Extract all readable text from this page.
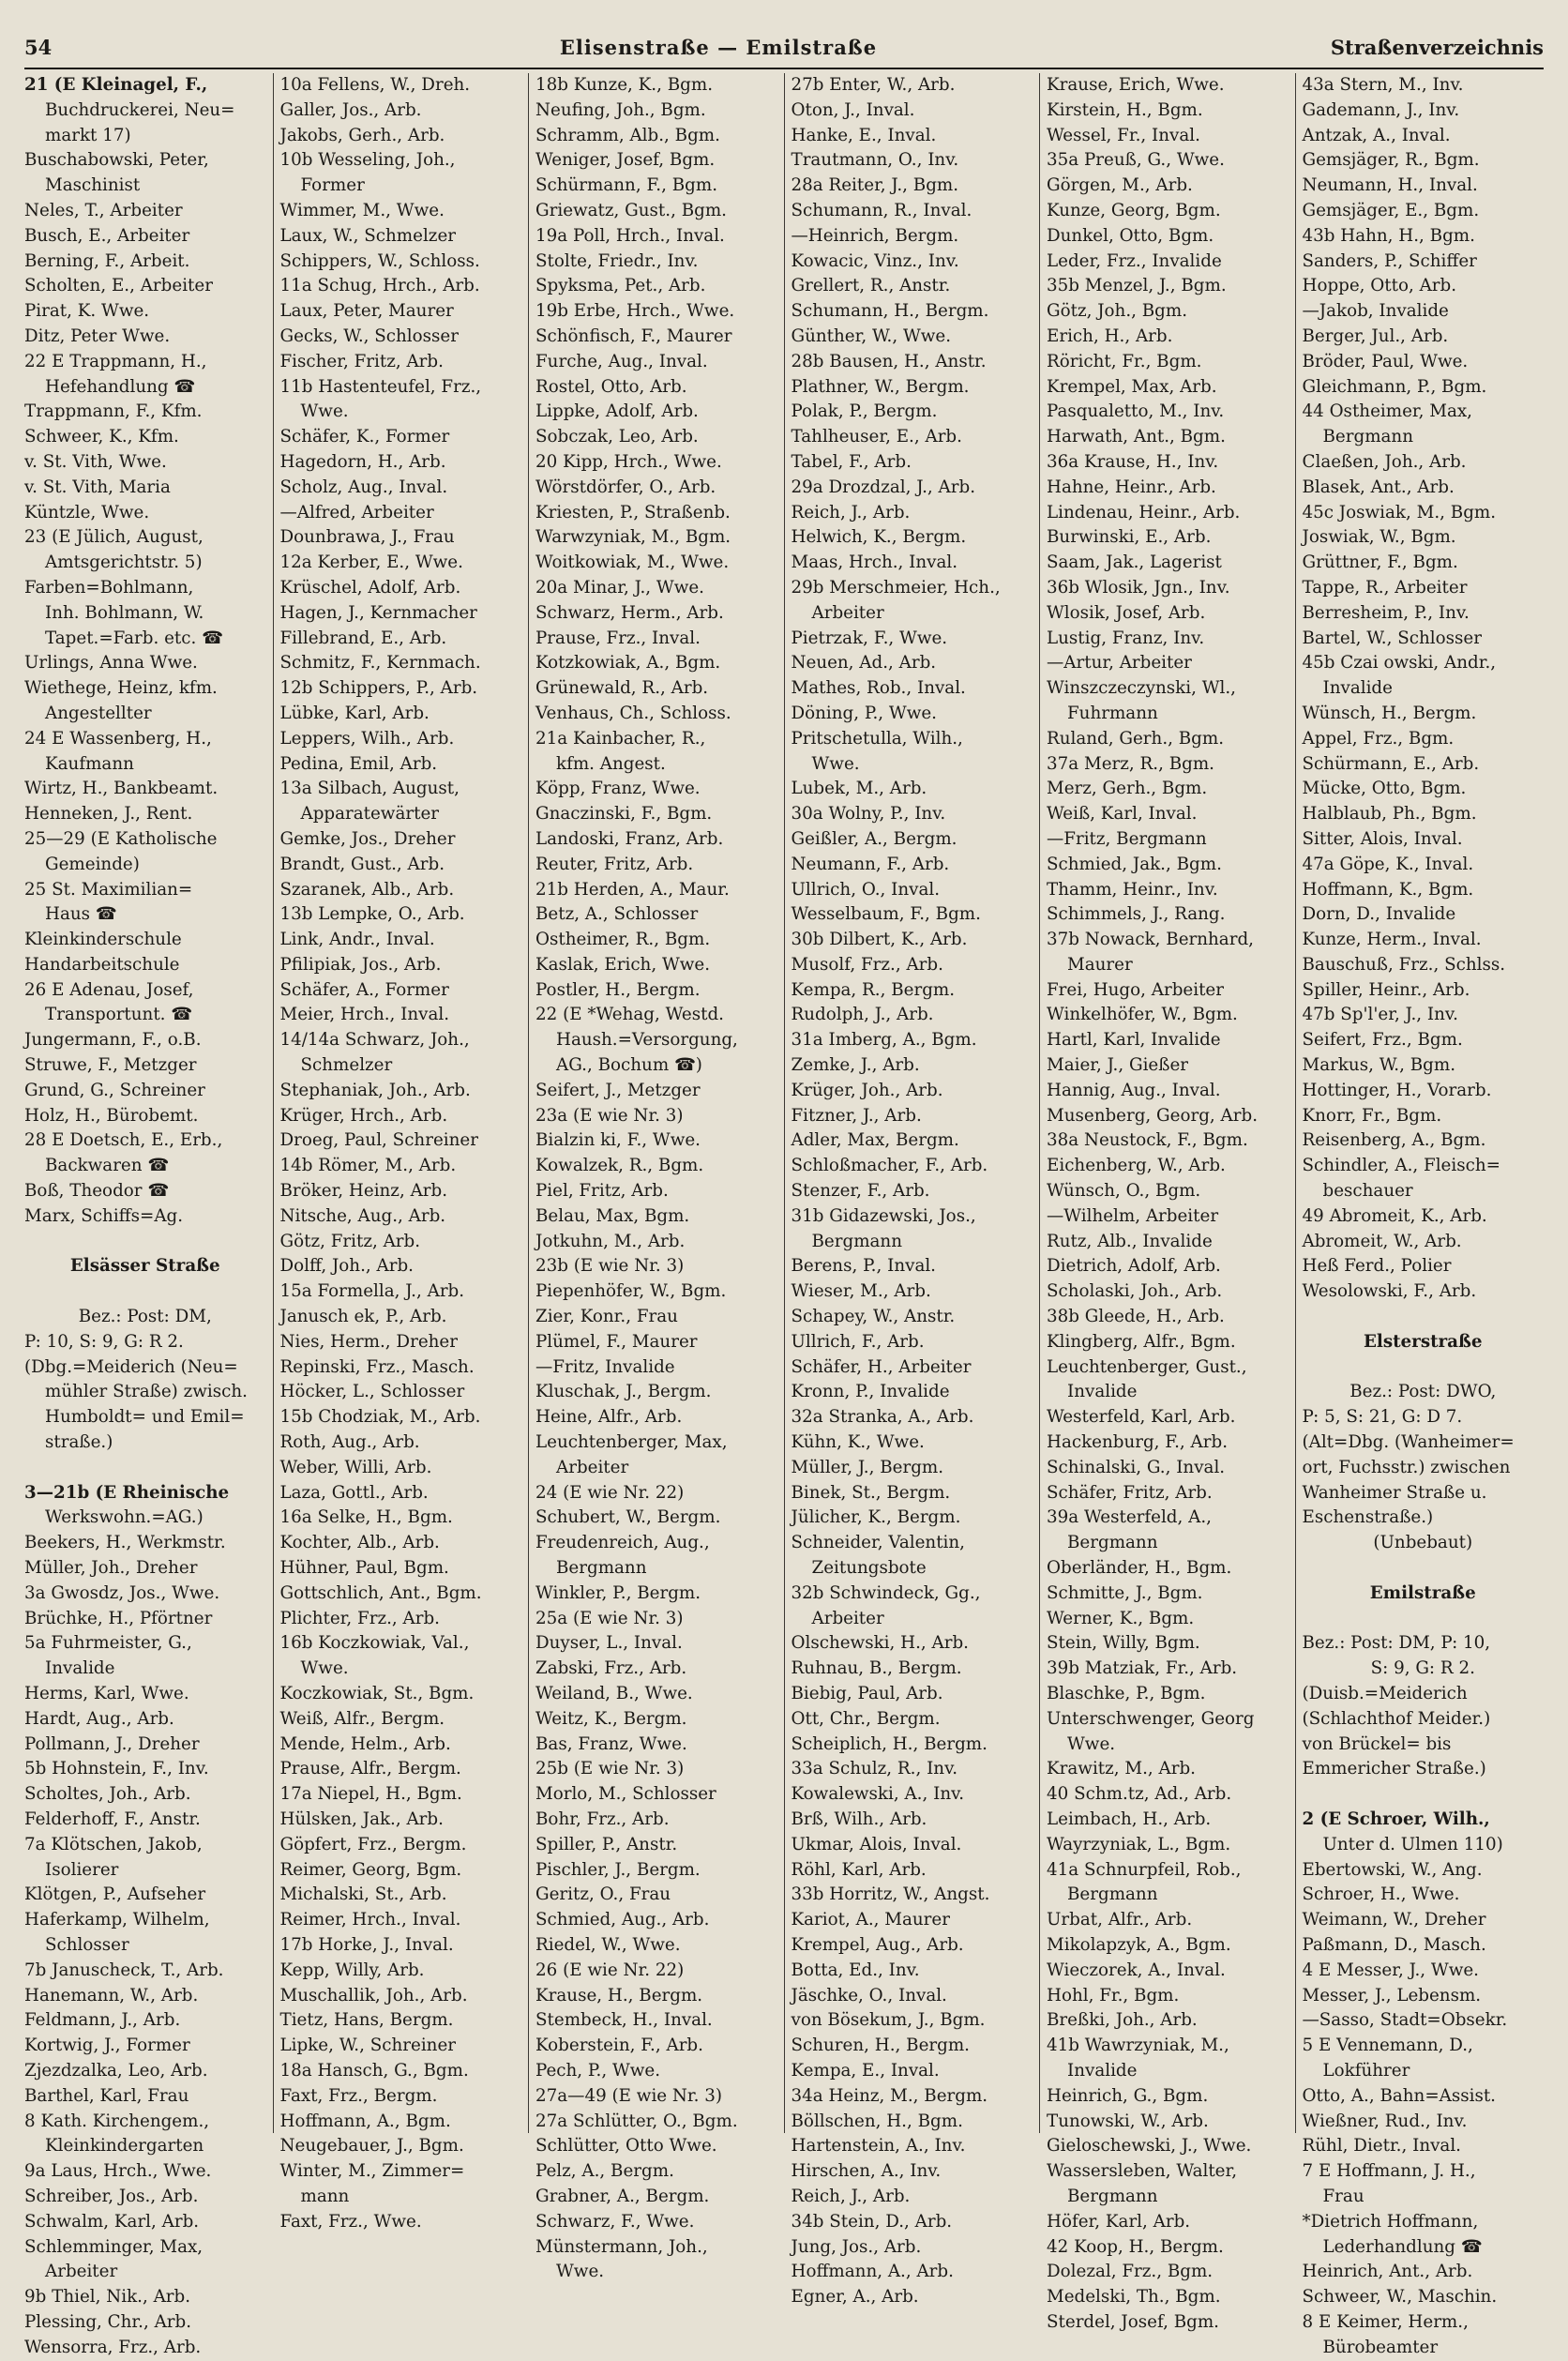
54	Elisenstraße — Emilstraße	Straßenverzeichnis
21 (E Kleinagel, F.,
Buchdruckerei, Neu=
markt 17)
Buschabowski, Peter,
Maschinist
Neles, T., Arbeiter
Busch, E., Arbeiter
Berning, F., Arbeit.
Scholten, E., Arbeiter
Pirat, K. Wwe.
Ditz, Peter Wwe.
22 E Trappmann, H.,
Hefehandlung ☎
Trappmann, F., Kfm.
Schweer, K., Kfm.
v. St. Vith, Wwe.
v. St. Vith, Maria
Küntzle, Wwe.
23 (E Jülich, August,
Amtsgerichtstr. 5)
Farben=Bohlmann,
Inh. Bohlmann, W.
Tapet.=Farb. etc. ☎
Urlings, Anna Wwe.
Wiethege, Heinz, kfm.
Angestellter
24 E Wassenberg, H.,
Kaufmann
Wirtz, H., Bankbeamt.
Henneken, J., Rent.
25—29 (E Katholische
Gemeinde)
25 St. Maximilian=
Haus ☎
Kleinkinderschule
Handarbeitschule
26 E Adenau, Josef,
Transportunt. ☎
Jungermann, F., o.B.
Struwe, F., Metzger
Grund, G., Schreiner
Holz, H., Bürobemt.
28 E Doetsch, E., Erb.,
Backwaren ☎
Boß, Theodor ☎
Marx, Schiffs=Ag.
Elsässer Straße
Bez.: Post: DM,
P: 10, S: 9, G: R 2.
(Dbg.=Meiderich (Neu=
mühler Straße) zwisch.
Humboldt= und Emil=
straße.)
3—21b (E Rheinische
Werkswohn.=AG.)
Beekers, H., Werkmstr.
Müller, Joh., Dreher
3a Gwosdz, Jos., Wwe.
Brüchke, H., Pförtner
5a Fuhrmeister, G.,
Invalide
Herms, Karl, Wwe.
Hardt, Aug., Arb.
Pollmann, J., Dreher
5b Hohnstein, F., Inv.
Scholtes, Joh., Arb.
Felderhoff, F., Anstr.
7a Klötschen, Jakob,
Isolierer
Klötgen, P., Aufseher
Haferkamp, Wilhelm,
Schlosser
7b Januscheck, T., Arb.
Hanemann, W., Arb.
Feldmann, J., Arb.
Kortwig, J., Former
Zjezdzalka, Leo, Arb.
Barthel, Karl, Frau
8 Kath. Kirchengem.,
Kleinkindergarten
9a Laus, Hrch., Wwe.
Schreiber, Jos., Arb.
Schwalm, Karl, Arb.
Schlemminger, Max,
Arbeiter
9b Thiel, Nik., Arb.
Plessing, Chr., Arb.
Wensorra, Frz., Arb.
10a Fellens, W., Dreh.
Galler, Jos., Arb.
Jakobs, Gerh., Arb.
10b Wesseling, Joh.,
Former
Wimmer, M., Wwe.
Laux, W., Schmelzer
Schippers, W., Schloss.
11a Schug, Hrch., Arb.
Laux, Peter, Maurer
Gecks, W., Schlosser
Fischer, Fritz, Arb.
11b Hastenteufel, Frz.,
Wwe.
Schäfer, K., Former
Hagedorn, H., Arb.
Scholz, Aug., Inval.
—Alfred, Arbeiter
Dounbrawa, J., Frau
12a Kerber, E., Wwe.
Krüschel, Adolf, Arb.
Hagen, J., Kernmacher
Fillebrand, E., Arb.
Schmitz, F., Kernmach.
12b Schippers, P., Arb.
Lübke, Karl, Arb.
Leppers, Wilh., Arb.
Pedina, Emil, Arb.
13a Silbach, August,
Apparatewärter
Gemke, Jos., Dreher
Brandt, Gust., Arb.
Szaranek, Alb., Arb.
13b Lempke, O., Arb.
Link, Andr., Inval.
Pfilipiak, Jos., Arb.
Schäfer, A., Former
Meier, Hrch., Inval.
14/14a Schwarz, Joh.,
Schmelzer
Stephaniak, Joh., Arb.
Krüger, Hrch., Arb.
Droeg, Paul, Schreiner
14b Römer, M., Arb.
Bröker, Heinz, Arb.
Nitsche, Aug., Arb.
Götz, Fritz, Arb.
Dolff, Joh., Arb.
15a Formella, J., Arb.
Janusch ek, P., Arb.
Nies, Herm., Dreher
Repinski, Frz., Masch.
Höcker, L., Schlosser
15b Chodziak, M., Arb.
Roth, Aug., Arb.
Weber, Willi, Arb.
Laza, Gottl., Arb.
16a Selke, H., Bgm.
Kochter, Alb., Arb.
Hühner, Paul, Bgm.
Gottschlich, Ant., Bgm.
Plichter, Frz., Arb.
16b Koczkowiak, Val.,
Wwe.
Koczkowiak, St., Bgm.
Weiß, Alfr., Bergm.
Mende, Helm., Arb.
Prause, Alfr., Bergm.
17a Niepel, H., Bgm.
Hülsken, Jak., Arb.
Göpfert, Frz., Bergm.
Reimer, Georg, Bgm.
Michalski, St., Arb.
Reimer, Hrch., Inval.
17b Horke, J., Inval.
Kepp, Willy, Arb.
Muschallik, Joh., Arb.
Tietz, Hans, Bergm.
Lipke, W., Schreiner
18a Hansch, G., Bgm.
Faxt, Frz., Bergm.
Hoffmann, A., Bgm.
Neugebauer, J., Bgm.
Winter, M., Zimmer=
mann
Faxt, Frz., Wwe.
18b Kunze, K., Bgm.
Neufing, Joh., Bgm.
Schramm, Alb., Bgm.
Weniger, Josef, Bgm.
Schürmann, F., Bgm.
Griewatz, Gust., Bgm.
19a Poll, Hrch., Inval.
Stolte, Friedr., Inv.
Spyksma, Pet., Arb.
19b Erbe, Hrch., Wwe.
Schönfisch, F., Maurer
Furche, Aug., Inval.
Rostel, Otto, Arb.
Lippke, Adolf, Arb.
Sobczak, Leo, Arb.
20 Kipp, Hrch., Wwe.
Wörstdörfer, O., Arb.
Kriesten, P., Straßenb.
Warwzyniak, M., Bgm.
Woitkowiak, M., Wwe.
20a Minar, J., Wwe.
Schwarz, Herm., Arb.
Prause, Frz., Inval.
Kotzkowiak, A., Bgm.
Grünewald, R., Arb.
Venhaus, Ch., Schloss.
21a Kainbacher, R.,
kfm. Angest.
Köpp, Franz, Wwe.
Gnaczinski, F., Bgm.
Landoski, Franz, Arb.
Reuter, Fritz, Arb.
21b Herden, A., Maur.
Betz, A., Schlosser
Ostheimer, R., Bgm.
Kaslak, Erich, Wwe.
Postler, H., Bergm.
22 (E *Wehag, Westd.
Haush.=Versorgung,
AG., Bochum ☎)
Seifert, J., Metzger
23a (E wie Nr. 3)
Bialzin ki, F., Wwe.
Kowalzek, R., Bgm.
Piel, Fritz, Arb.
Belau, Max, Bgm.
Jotkuhn, M., Arb.
23b (E wie Nr. 3)
Piepenhöfer, W., Bgm.
Zier, Konr., Frau
Plümel, F., Maurer
—Fritz, Invalide
Kluschak, J., Bergm.
Heine, Alfr., Arb.
Leuchtenberger, Max,
Arbeiter
24 (E wie Nr. 22)
Schubert, W., Bergm.
Freudenreich, Aug.,
Bergmann
Winkler, P., Bergm.
25a (E wie Nr. 3)
Duyser, L., Inval.
Zabski, Frz., Arb.
Weiland, B., Wwe.
Weitz, K., Bergm.
Bas, Franz, Wwe.
25b (E wie Nr. 3)
Morlo, M., Schlosser
Bohr, Frz., Arb.
Spiller, P., Anstr.
Pischler, J., Bergm.
Geritz, O., Frau
Schmied, Aug., Arb.
Riedel, W., Wwe.
26 (E wie Nr. 22)
Krause, H., Bergm.
Stembeck, H., Inval.
Koberstein, F., Arb.
Pech, P., Wwe.
27a—49 (E wie Nr. 3)
27a Schlütter, O., Bgm.
Schlütter, Otto Wwe.
Pelz, A., Bergm.
Grabner, A., Bergm.
Schwarz, F., Wwe.
Münstermann, Joh.,
Wwe.
27b Enter, W., Arb.
Oton, J., Inval.
Hanke, E., Inval.
Trautmann, O., Inv.
28a Reiter, J., Bgm.
Schumann, R., Inval.
—Heinrich, Bergm.
Kowacic, Vinz., Inv.
Grellert, R., Anstr.
Schumann, H., Bergm.
Günther, W., Wwe.
28b Bausen, H., Anstr.
Plathner, W., Bergm.
Polak, P., Bergm.
Tahlheuser, E., Arb.
Tabel, F., Arb.
29a Drozdzal, J., Arb.
Reich, J., Arb.
Helwich, K., Bergm.
Maas, Hrch., Inval.
29b Merschmeier, Hch.,
Arbeiter
Pietrzak, F., Wwe.
Neuen, Ad., Arb.
Mathes, Rob., Inval.
Döning, P., Wwe.
Pritschetulla, Wilh.,
Wwe.
Lubek, M., Arb.
30a Wolny, P., Inv.
Geißler, A., Bergm.
Neumann, F., Arb.
Ullrich, O., Inval.
Wesselbaum, F., Bgm.
30b Dilbert, K., Arb.
Musolf, Frz., Arb.
Kempa, R., Bergm.
Rudolph, J., Arb.
31a Imberg, A., Bgm.
Zemke, J., Arb.
Krüger, Joh., Arb.
Fitzner, J., Arb.
Adler, Max, Bergm.
Schloßmacher, F., Arb.
Stenzer, F., Arb.
31b Gidazewski, Jos.,
Bergmann
Berens, P., Inval.
Wieser, M., Arb.
Schapey, W., Anstr.
Ullrich, F., Arb.
Schäfer, H., Arbeiter
Kronn, P., Invalide
32a Stranka, A., Arb.
Kühn, K., Wwe.
Müller, J., Bergm.
Binek, St., Bergm.
Jülicher, K., Bergm.
Schneider, Valentin,
Zeitungsbote
32b Schwindeck, Gg.,
Arbeiter
Olschewski, H., Arb.
Ruhnau, B., Bergm.
Biebig, Paul, Arb.
Ott, Chr., Bergm.
Scheiplich, H., Bergm.
33a Schulz, R., Inv.
Kowalewski, A., Inv.
Brß, Wilh., Arb.
Ukmar, Alois, Inval.
Röhl, Karl, Arb.
33b Horritz, W., Angst.
Kariot, A., Maurer
Krempel, Aug., Arb.
Botta, Ed., Inv.
Jäschke, O., Inval.
von Bösekum, J., Bgm.
Schuren, H., Bergm.
Kempa, E., Inval.
34a Heinz, M., Bergm.
Böllschen, H., Bgm.
Hartenstein, A., Inv.
Hirschen, A., Inv.
Reich, J., Arb.
34b Stein, D., Arb.
Jung, Jos., Arb.
Hoffmann, A., Arb.
Egner, A., Arb.
Krause, Erich, Wwe.
Kirstein, H., Bgm.
Wessel, Fr., Inval.
35a Preuß, G., Wwe.
Görgen, M., Arb.
Kunze, Georg, Bgm.
Dunkel, Otto, Bgm.
Leder, Frz., Invalide
35b Menzel, J., Bgm.
Götz, Joh., Bgm.
Erich, H., Arb.
Röricht, Fr., Bgm.
Krempel, Max, Arb.
Pasqualetto, M., Inv.
Harwath, Ant., Bgm.
36a Krause, H., Inv.
Hahne, Heinr., Arb.
Lindenau, Heinr., Arb.
Burwinski, E., Arb.
Saam, Jak., Lagerist
36b Wlosik, Jgn., Inv.
Wlosik, Josef, Arb.
Lustig, Franz, Inv.
—Artur, Arbeiter
Winszczeczynski, Wl.,
Fuhrmann
Ruland, Gerh., Bgm.
37a Merz, R., Bgm.
Merz, Gerh., Bgm.
Weiß, Karl, Inval.
—Fritz, Bergmann
Schmied, Jak., Bgm.
Thamm, Heinr., Inv.
Schimmels, J., Rang.
37b Nowack, Bernhard,
Maurer
Frei, Hugo, Arbeiter
Winkelhöfer, W., Bgm.
Hartl, Karl, Invalide
Maier, J., Gießer
Hannig, Aug., Inval.
Musenberg, Georg, Arb.
38a Neustock, F., Bgm.
Eichenberg, W., Arb.
Wünsch, O., Bgm.
—Wilhelm, Arbeiter
Rutz, Alb., Invalide
Dietrich, Adolf, Arb.
Scholaski, Joh., Arb.
38b Gleede, H., Arb.
Klingberg, Alfr., Bgm.
Leuchtenberger, Gust.,
Invalide
Westerfeld, Karl, Arb.
Hackenburg, F., Arb.
Schinalski, G., Inval.
Schäfer, Fritz, Arb.
39a Westerfeld, A.,
Bergmann
Oberländer, H., Bgm.
Schmitte, J., Bgm.
Werner, K., Bgm.
Stein, Willy, Bgm.
39b Matziak, Fr., Arb.
Blaschke, P., Bgm.
Unterschwenger, Georg
Wwe.
Krawitz, M., Arb.
40 Schm.tz, Ad., Arb.
Leimbach, H., Arb.
Wayrzyniak, L., Bgm.
41a Schnurpfeil, Rob.,
Bergmann
Urbat, Alfr., Arb.
Mikolapzyk, A., Bgm.
Wieczorek, A., Inval.
Hohl, Fr., Bgm.
Breßki, Joh., Arb.
41b Wawrzyniak, M.,
Invalide
Heinrich, G., Bgm.
Tunowski, W., Arb.
Gieloschewski, J., Wwe.
Wassersleben, Walter,
Bergmann
Höfer, Karl, Arb.
42 Koop, H., Bergm.
Dolezal, Frz., Bgm.
Medelski, Th., Bgm.
Sterdel, Josef, Bgm.
43a Stern, M., Inv.
Gademann, J., Inv.
Antzak, A., Inval.
Gemsjäger, R., Bgm.
Neumann, H., Inval.
Gemsjäger, E., Bgm.
43b Hahn, H., Bgm.
Sanders, P., Schiffer
Hoppe, Otto, Arb.
—Jakob, Invalide
Berger, Jul., Arb.
Bröder, Paul, Wwe.
Gleichmann, P., Bgm.
44 Ostheimer, Max,
Bergmann
Claeßen, Joh., Arb.
Blasek, Ant., Arb.
45c Joswiak, M., Bgm.
Joswiak, W., Bgm.
Grüttner, F., Bgm.
Tappe, R., Arbeiter
Berresheim, P., Inv.
Bartel, W., Schlosser
45b Czai owski, Andr.,
Invalide
Wünsch, H., Bergm.
Appel, Frz., Bgm.
Schürmann, E., Arb.
Mücke, Otto, Bgm.
Halblaub, Ph., Bgm.
Sitter, Alois, Inval.
47a Göpe, K., Inval.
Hoffmann, K., Bgm.
Dorn, D., Invalide
Kunze, Herm., Inval.
Bauschuß, Frz., Schlss.
Spiller, Heinr., Arb.
47b Sp'l'er, J., Inv.
Seifert, Frz., Bgm.
Markus, W., Bgm.
Hottinger, H., Vorarb.
Knorr, Fr., Bgm.
Reisenberg, A., Bgm.
Schindler, A., Fleisch=
beschauer
49 Abromeit, K., Arb.
Abromeit, W., Arb.
Heß Ferd., Polier
Wesolowski, F., Arb.
Elsterstraße
Bez.: Post: DWO,
P: 5, S: 21, G: D 7.
(Alt=Dbg. (Wanheimer=
ort, Fuchsstr.) zwischen
Wanheimer Straße u.
Eschenstraße.)
(Unbebaut)
Emilstraße
Bez.: Post: DM, P: 10,
S: 9, G: R 2.
(Duisb.=Meiderich
(Schlachthof Meider.)
von Brückel= bis
Emmericher Straße.)
2 (E Schroer, Wilh.,
Unter d. Ulmen 110)
Ebertowski, W., Ang.
Schroer, H., Wwe.
Weimann, W., Dreher
Paßmann, D., Masch.
4 E Messer, J., Wwe.
Messer, J., Lebensm.
—Sasso, Stadt=Obsekr.
5 E Vennemann, D.,
Lokführer
Otto, A., Bahn=Assist.
Wießner, Rud., Inv.
Rühl, Dietr., Inval.
7 E Hoffmann, J. H.,
Frau
*Dietrich Hoffmann,
Lederhandlung ☎
Heinrich, Ant., Arb.
Schweer, W., Maschin.
8 E Keimer, Herm.,
Bürobeamter
